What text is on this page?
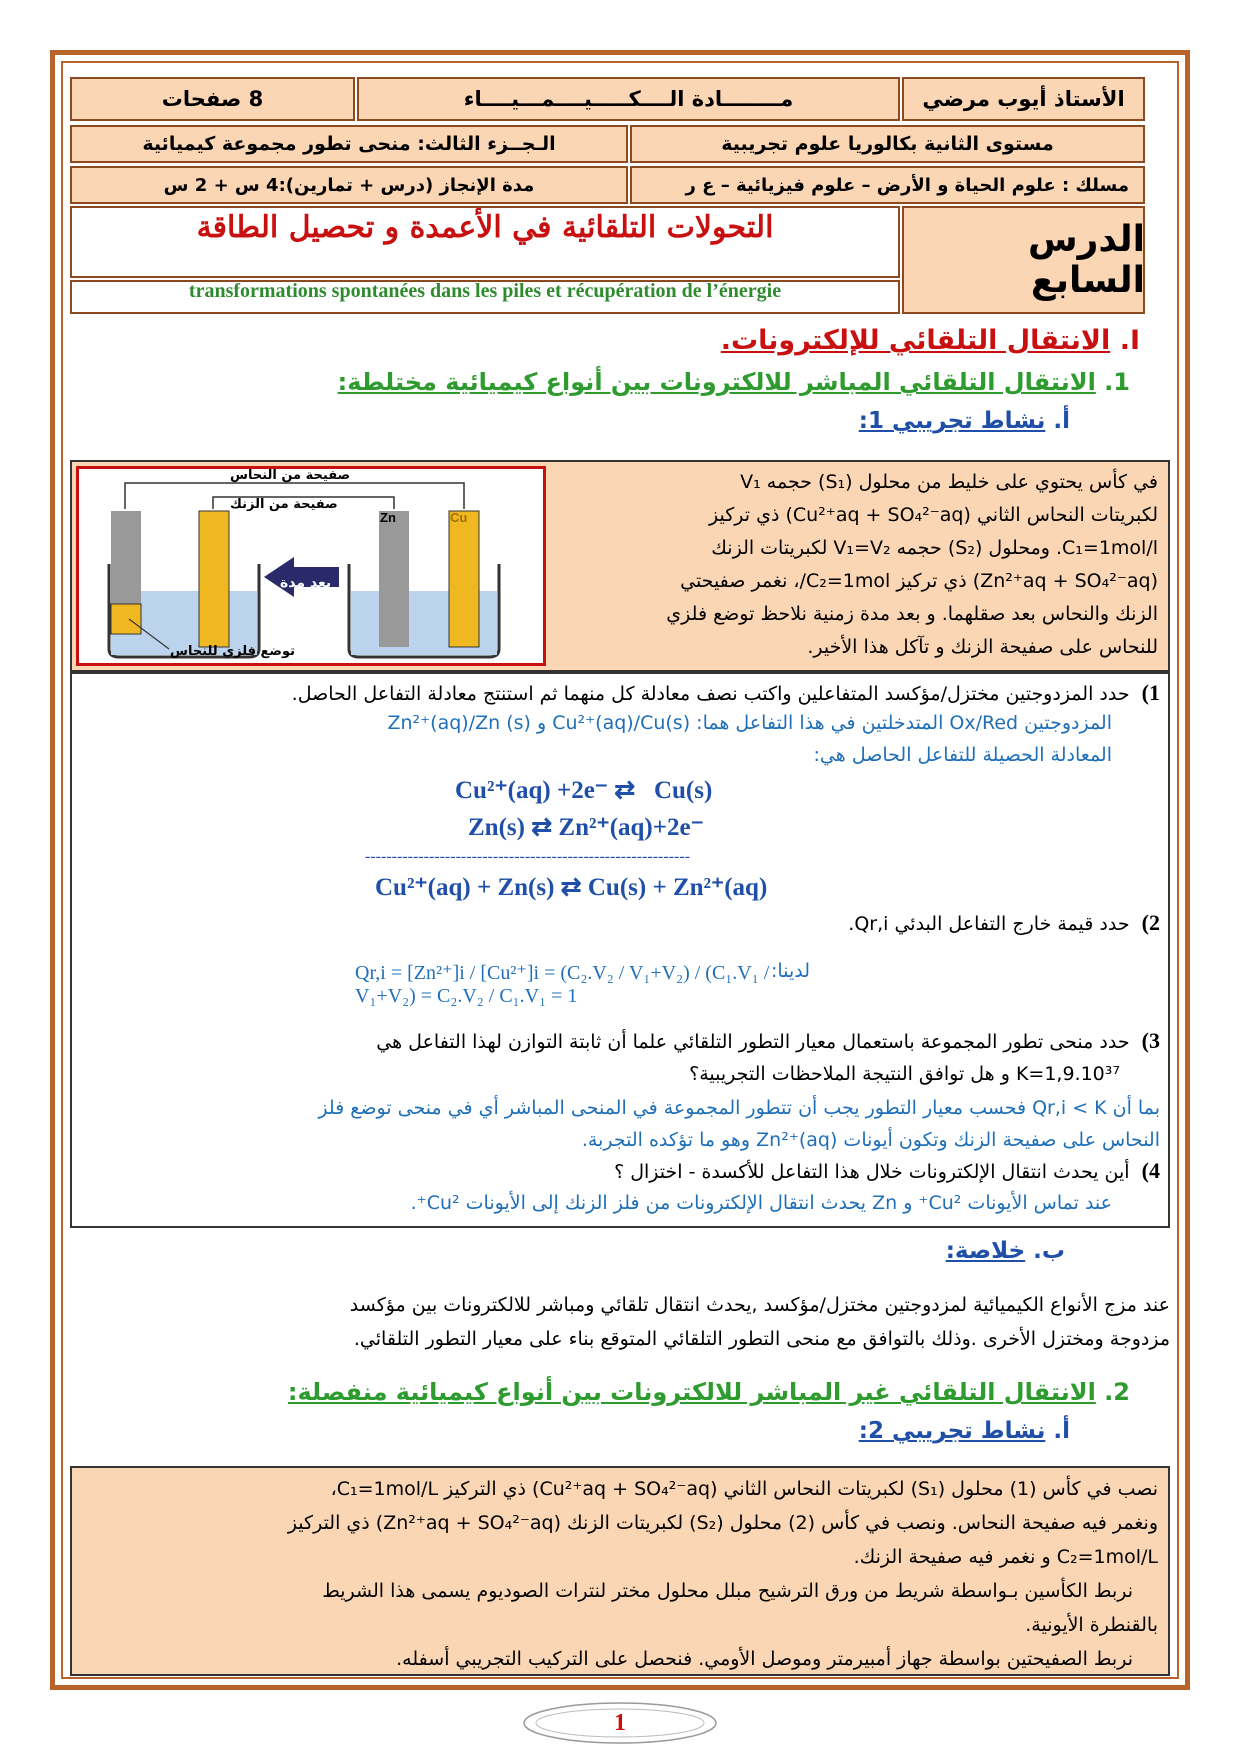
الأستاذ أيوب مرضي
مــــــــادة الــــكـــــيــــمـــيــــاء
8 صفحات
مستوى الثانية بكالوريا علوم تجريبية
الـجــزء الثالث: منحى تطور مجموعة كيميائية
مسلك : علوم الحياة و الأرض – علوم فيزيائية – ع ر
مدة الإنجاز (درس + تمارين):4 س + 2 س
التحولات التلقائية في الأعمدة و تحصيل الطاقة
transformations spontanées dans les piles et récupération de l’énergie
الدرس السابع
I. الانتقال التلقائي للإلكترونات.
1. الانتقال التلقائي المباشر للالكترونات بين أنواع كيميائية مختلطة:
أ. نشاط تجريبي 1:
صفيحة من النحاس
صفيحة من الزنك
Zn	Cu
بعد مدة
توضع فلزي للنحاس
في كأس يحتوي على خليط من محلول (S₁) حجمه V₁
لكبريتات النحاس الثاني (Cu²⁺aq + SO₄²⁻aq) ذي تركيز
C₁=1mol/l. ومحلول (S₂) حجمه V₁=V₂ لكبريتات الزنك
(Zn²⁺aq + SO₄²⁻aq) ذي تركيز C₂=1mol/، نغمر صفيحتي
الزنك والنحاس بعد صقلهما. و بعد مدة زمنية نلاحظ توضع فلزي
للنحاس على صفيحة الزنك و تآكل هذا الأخير.
1)  حدد المزدوجتين مختزل/مؤكسد المتفاعلين واكتب نصف معادلة كل منهما ثم استنتج معادلة التفاعل الحاصل.
المزدوجتين Ox/Red المتدخلتين في هذا التفاعل هما: Cu²⁺(aq)/Cu(s) و Zn²⁺(aq)/Zn (s)
المعادلة الحصيلة للتفاعل الحاصل هي:
Cu²⁺(aq) +2e⁻ ⇄   Cu(s)
Zn(s) ⇄ Zn²⁺(aq)+2e⁻
-------------------------------------------------------------
Cu²⁺(aq) + Zn(s) ⇄ Cu(s) + Zn²⁺(aq)
2)  حدد قيمة خارج التفاعل البدئي Qr,i.
لدينا:
Qr,i = [Zn²⁺]i / [Cu²⁺]i = (C₂.V₂ / V₁+V₂) / (C₁.V₁ / V₁+V₂) = C₂.V₂ / C₁.V₁ = 1
3)  حدد منحى تطور المجموعة باستعمال معيار التطور التلقائي علما أن ثابتة التوازن لهذا التفاعل هي
K=1,9.10³⁷ و هل توافق النتيجة الملاحظات التجريبية؟
بما أن Qr,i < K فحسب معيار التطور يجب أن تتطور المجموعة في المنحى المباشر أي في منحى توضع فلز
النحاس على صفيحة الزنك وتكون أيونات Zn²⁺(aq) وهو ما تؤكده التجربة.
4)  أين يحدث انتقال الإلكترونات خلال هذا التفاعل للأكسدة - اختزال ؟
عند تماس الأيونات Cu²⁺ و Zn يحدث انتقال الإلكترونات من فلز الزنك إلى الأيونات Cu²⁺.
ب. خلاصة:
عند مزج الأنواع الكيميائية لمزدوجتين مختزل/مؤكسد ,يحدث انتقال تلقائي ومباشر للالكترونات بين مؤكسد
مزدوجة ومختزل الأخرى .وذلك بالتوافق مع منحى التطور التلقائي المتوقع بناء على معيار التطور التلقائي.
2. الانتقال التلقائي غير المباشر للالكترونات بين أنواع كيميائية منفصلة:
أ. نشاط تجريبي 2:
نصب في كأس (1) محلول (S₁) لكبريتات النحاس الثاني (Cu²⁺aq + SO₄²⁻aq) ذي التركيز C₁=1mol/L،
ونغمر فيه صفيحة النحاس. ونصب في كأس (2) محلول (S₂) لكبريتات الزنك (Zn²⁺aq + SO₄²⁻aq) ذي التركيز
C₂=1mol/L و نغمر فيه صفيحة الزنك.
نربط الكأسين بـواسطة شريط من ورق الترشيح مبلل محلول مختر لنترات الصوديوم يسمى هذا الشريط
بالقنطرة الأيونية.
نربط الصفيحتين بواسطة جهاز أمبيرمتر وموصل الأومي. فنحصل على التركيب التجريبي أسفله.
1
